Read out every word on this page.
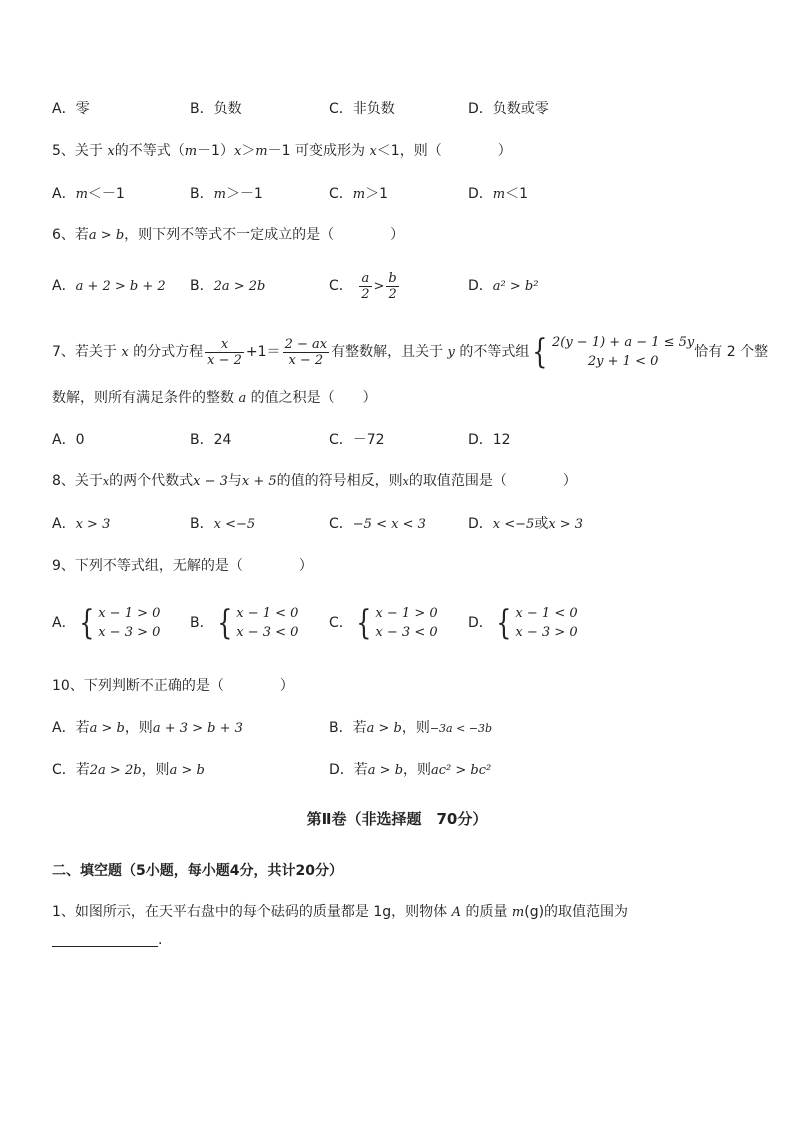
A．零	B．负数	C．非负数	D．负数或零
5、关于 x的不等式（m－1）x＞m－1 可变成形为 x＜1，则（　　　　）
A．m＜－1	B．m＞－1	C．m＞1	D．m＜1
6、若a > b，则下列不等式不一定成立的是（　　　　）
A．a + 2 > b + 2 B．2a > 2b	C． $\frac{a}{2} > \frac{b}{2}$	D．a² > b²
7、若关于 x 的分式方程 $\frac{x}{x - 2} +1= \frac{2 - ax}{x - 2}$ 有整数解，且关于 y 的不等式组 { 2(y − 1) + a − 1 ≤ 5y
2y + 1 < 0
恰有 2 个整
数解，则所有满足条件的整数 a 的值之积是（　　）
A．0	B．24	C．－72	D．12
8、关于x的两个代数式x − 3与x + 5的值的符号相反，则x的取值范围是（　　　　）
A．x > 3	B．x <−5	C．−5 < x < 3	D．x <−5或x > 3
9、下列不等式组，无解的是（　　　　）
A． { x − 1 > 0
x − 3 > 0
B． { x − 1 < 0
x − 3 < 0
C． { x − 1 > 0
x − 3 < 0
D． { x − 1 < 0
x − 3 > 0
10、下列判断不正确的是（　　　　）
A．若a > b，则a + 3 > b + 3	B．若a > b，则−3a < −3b
C．若2a > 2b，则a > b	D．若a > b，则ac² > bc²
第Ⅱ卷（非选择题　70分）
二、填空题（5小题，每小题4分，共计20分）
1、如图所示，在天平右盘中的每个砝码的质量都是 1g，则物体 A 的质量 m(g)的取值范围为
.
